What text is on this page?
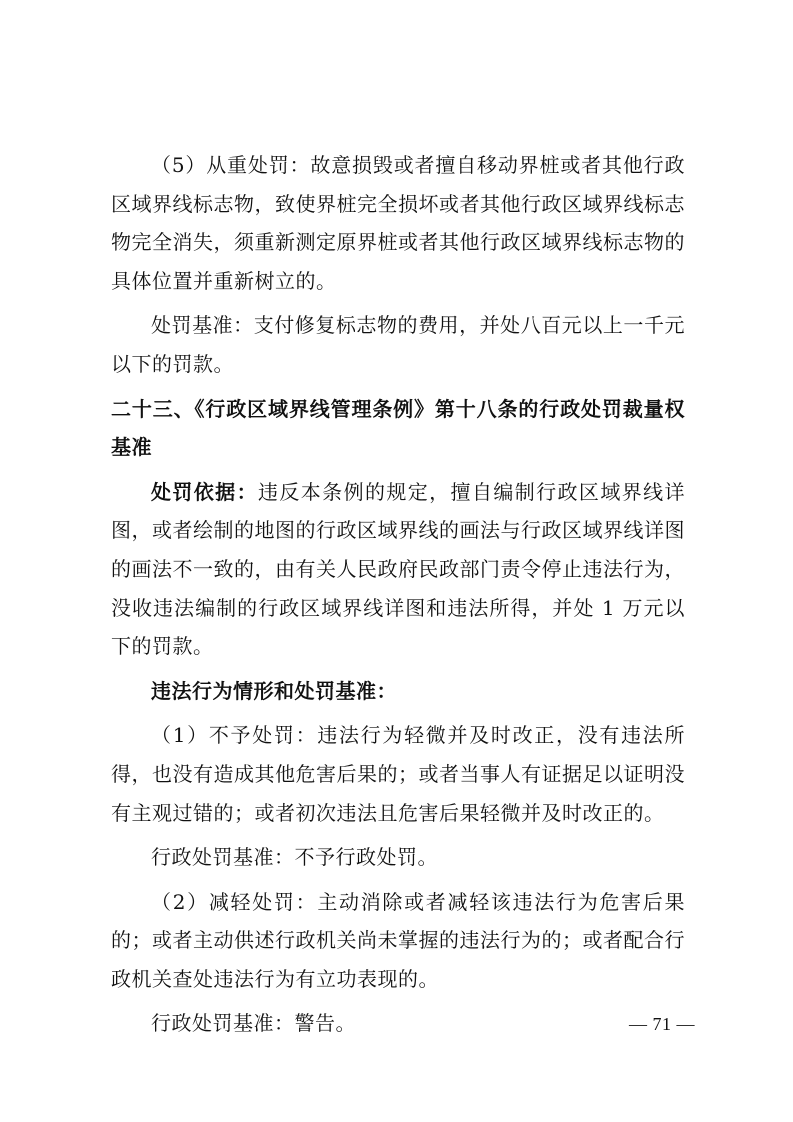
（5）从重处罚：故意损毁或者擅自移动界桩或者其他行政区域界线标志物，致使界桩完全损坏或者其他行政区域界线标志物完全消失，须重新测定原界桩或者其他行政区域界线标志物的具体位置并重新树立的。

处罚基准：支付修复标志物的费用，并处八百元以上一千元以下的罚款。

二十三、《行政区域界线管理条例》第十八条的行政处罚裁量权基准

处罚依据：违反本条例的规定，擅自编制行政区域界线详图，或者绘制的地图的行政区域界线的画法与行政区域界线详图的画法不一致的，由有关人民政府民政部门责令停止违法行为，没收违法编制的行政区域界线详图和违法所得，并处 1 万元以下的罚款。

违法行为情形和处罚基准：

（1）不予处罚：违法行为轻微并及时改正，没有违法所得，也没有造成其他危害后果的；或者当事人有证据足以证明没有主观过错的；或者初次违法且危害后果轻微并及时改正的。

行政处罚基准：不予行政处罚。

（2）减轻处罚：主动消除或者减轻该违法行为危害后果的；或者主动供述行政机关尚未掌握的违法行为的；或者配合行政机关查处违法行为有立功表现的。

行政处罚基准：警告。	— 71 —
